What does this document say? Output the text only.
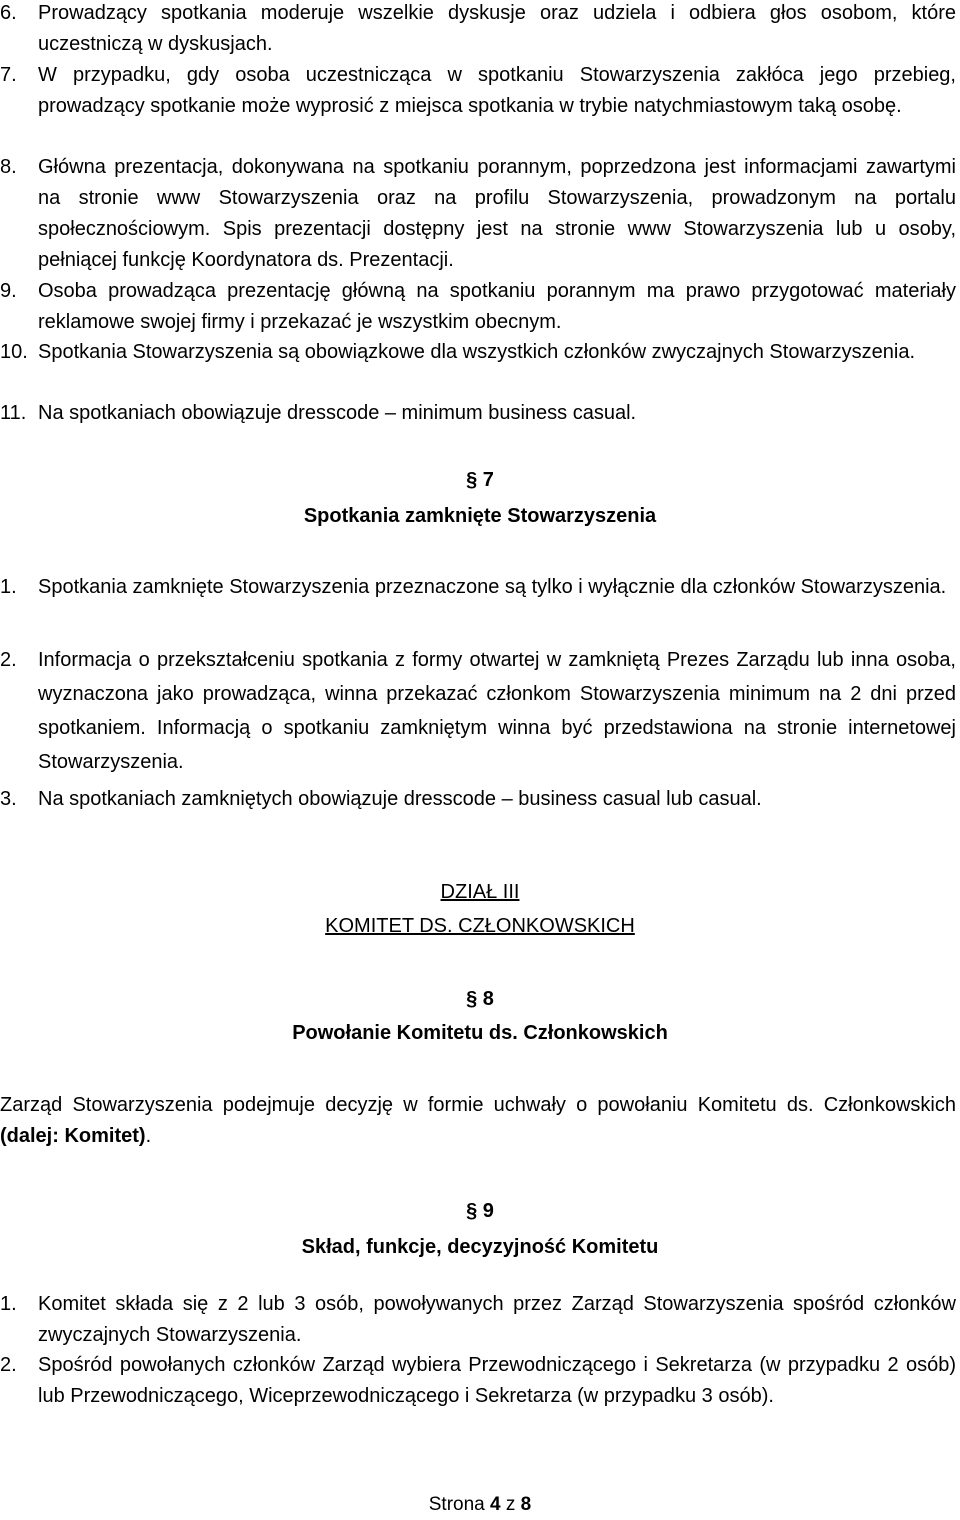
6.	Prowadzący spotkania moderuje wszelkie dyskusje oraz udziela i odbiera głos osobom, które uczestniczą w dyskusjach.
7.	W przypadku, gdy osoba uczestnicząca w spotkaniu Stowarzyszenia zakłóca jego przebieg, prowadzący spotkanie może wyprosić z miejsca spotkania w trybie natychmiastowym taką osobę.
8.	Główna prezentacja, dokonywana na spotkaniu porannym, poprzedzona jest informacjami zawartymi na stronie www Stowarzyszenia oraz na profilu Stowarzyszenia, prowadzonym na portalu społecznościowym. Spis prezentacji dostępny jest na stronie www Stowarzyszenia lub u osoby, pełniącej funkcję Koordynatora ds. Prezentacji.
9.	Osoba prowadząca prezentację główną na spotkaniu porannym ma prawo przygotować materiały reklamowe swojej firmy i przekazać je wszystkim obecnym.
10. Spotkania Stowarzyszenia są obowiązkowe dla wszystkich członków zwyczajnych Stowarzyszenia.
11. Na spotkaniach obowiązuje dresscode – minimum business casual.
§ 7
Spotkania zamknięte Stowarzyszenia
1.	Spotkania zamknięte Stowarzyszenia przeznaczone są tylko i wyłącznie dla członków Stowarzyszenia.
2.	Informacja o przekształceniu spotkania z formy otwartej w zamkniętą Prezes Zarządu lub inna osoba, wyznaczona jako prowadząca, winna przekazać członkom Stowarzyszenia minimum na 2 dni przed spotkaniem. Informacją o spotkaniu zamkniętym winna być przedstawiona na stronie internetowej Stowarzyszenia.
3.	Na spotkaniach zamkniętych obowiązuje dresscode – business casual lub casual.
DZIAŁ III
KOMITET DS. CZŁONKOWSKICH
§ 8
Powołanie Komitetu ds. Członkowskich
Zarząd Stowarzyszenia podejmuje decyzję w formie uchwały o powołaniu Komitetu ds. Członkowskich (dalej: Komitet).
§ 9
Skład, funkcje, decyzyjność Komitetu
1.	Komitet składa się z 2 lub 3 osób, powoływanych przez Zarząd Stowarzyszenia spośród członków zwyczajnych Stowarzyszenia.
2.	Spośród powołanych członków Zarząd wybiera Przewodniczącego i Sekretarza (w przypadku 2 osób) lub Przewodniczącego, Wiceprzewodniczącego i Sekretarza (w przypadku 3 osób).
Strona 4 z 8
